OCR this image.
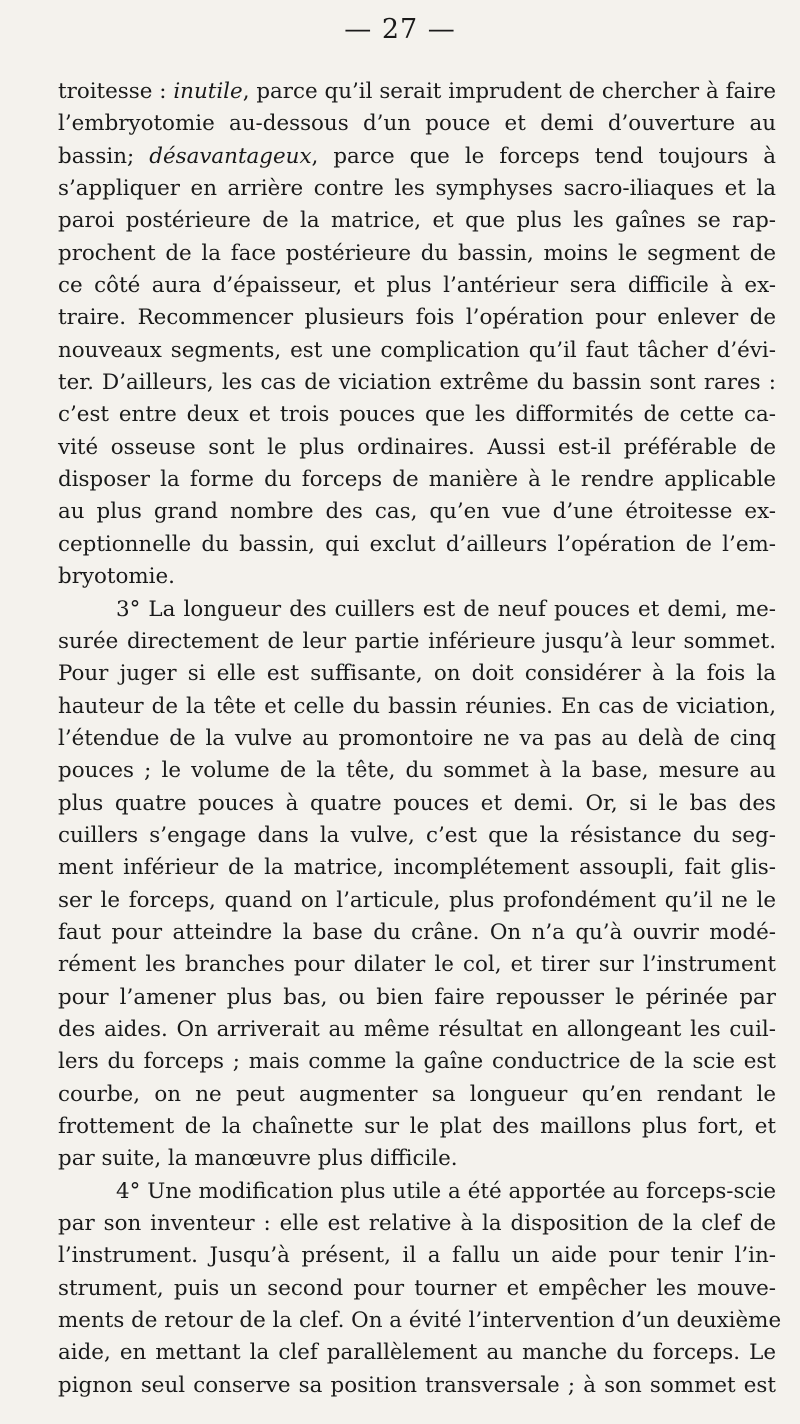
— 27 —
troitesse : inutile, parce qu’il serait imprudent de chercher à faire
l’embryotomie au-dessous d’un pouce et demi d’ouverture au
bassin; désavantageux, parce que le forceps tend toujours à
s’appliquer en arrière contre les symphyses sacro-iliaques et la
paroi postérieure de la matrice, et que plus les gaînes se rap-
prochent de la face postérieure du bassin, moins le segment de
ce côté aura d’épaisseur, et plus l’antérieur sera difficile à ex-
traire. Recommencer plusieurs fois l’opération pour enlever de
nouveaux segments, est une complication qu’il faut tâcher d’évi-
ter. D’ailleurs, les cas de viciation extrême du bassin sont rares :
c’est entre deux et trois pouces que les difformités de cette ca-
vité osseuse sont le plus ordinaires. Aussi est-il préférable de
disposer la forme du forceps de manière à le rendre applicable
au plus grand nombre des cas, qu’en vue d’une étroitesse ex-
ceptionnelle du bassin, qui exclut d’ailleurs l’opération de l’em-
bryotomie.
3° La longueur des cuillers est de neuf pouces et demi, me-
surée directement de leur partie inférieure jusqu’à leur sommet.
Pour juger si elle est suffisante, on doit considérer à la fois la
hauteur de la tête et celle du bassin réunies. En cas de viciation,
l’étendue de la vulve au promontoire ne va pas au delà de cinq
pouces ; le volume de la tête, du sommet à la base, mesure au
plus quatre pouces à quatre pouces et demi. Or, si le bas des
cuillers s’engage dans la vulve, c’est que la résistance du seg-
ment inférieur de la matrice, incomplétement assoupli, fait glis-
ser le forceps, quand on l’articule, plus profondément qu’il ne le
faut pour atteindre la base du crâne. On n’a qu’à ouvrir modé-
rément les branches pour dilater le col, et tirer sur l’instrument
pour l’amener plus bas, ou bien faire repousser le périnée par
des aides. On arriverait au même résultat en allongeant les cuil-
lers du forceps ; mais comme la gaîne conductrice de la scie est
courbe, on ne peut augmenter sa longueur qu’en rendant le
frottement de la chaînette sur le plat des maillons plus fort, et
par suite, la manœuvre plus difficile.
4° Une modification plus utile a été apportée au forceps-scie
par son inventeur : elle est relative à la disposition de la clef de
l’instrument. Jusqu’à présent, il a fallu un aide pour tenir l’in-
strument, puis un second pour tourner et empêcher les mouve-
ments de retour de la clef. On a évité l’intervention d’un deuxième
aide, en mettant la clef parallèlement au manche du forceps. Le
pignon seul conserve sa position transversale ; à son sommet est
